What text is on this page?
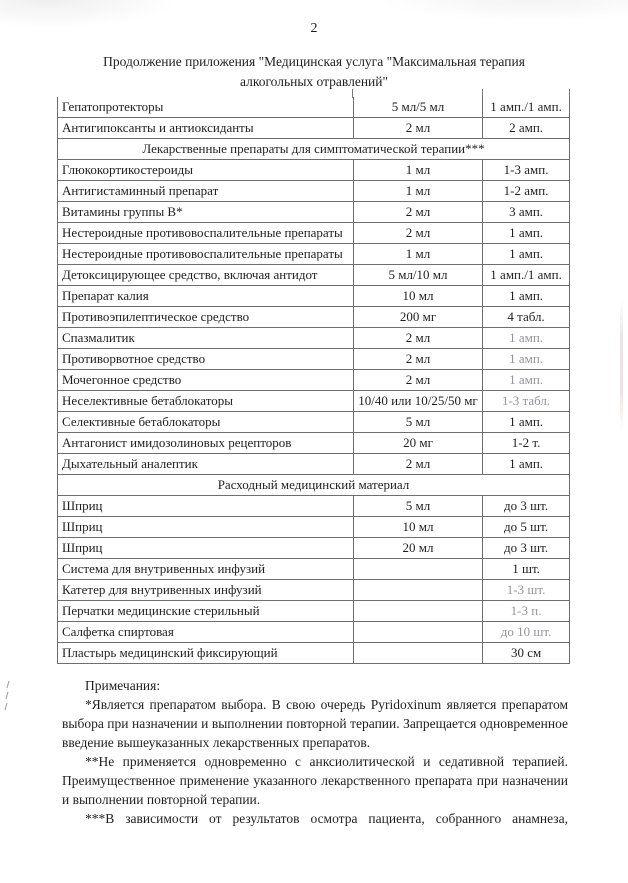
2
Продолжение приложения "Медицинская услуга "Максимальная терапия алкогольных отравлений"
Гепатопротекторы	5 мл/5 мл	1 амп./1 амп.
Антигипоксанты и антиоксиданты	2 мл	2 амп.
Лекарственные препараты для симптоматической терапии***		
Глюкокортикостероиды	1 мл	1-3 амп.
Антигистаминный препарат	1 мл	1-2 амп.
Витамины группы В*	2 мл	3 амп.
Нестероидные противовоспалительные препараты	2 мл	1 амп.
Нестероидные противовоспалительные препараты	1 мл	1 амп.
Детоксицирующее средство, включая антидот	5 мл/10 мл	1 амп./1 амп.
Препарат калия	10 мл	1 амп.
Противоэпилептическое средство	200 мг	4 табл.
Спазмалитик	2 мл	1 амп.
Противорвотное средство	2 мл	1 амп.
Мочегонное средство	2 мл	1 амп.
Неселективные бетаблокаторы	10/40 или 10/25/50 мг	1-3 табл.
Селективные бетаблокаторы	5 мл	1 амп.
Антагонист имидозолиновых рецепторов	20 мг	1-2 т.
Дыхательный аналептик	2 мл	1 амп.
Расходный медицинский материал		
Шприц	5 мл	до 3 шт.
Шприц	10 мл	до 5 шт.
Шприц	20 мл	до 3 шт.
Система для внутривенных инфузий		1 шт.
Катетер для внутривенных инфузий		1-3 шт.
Перчатки медицинские стерильный		1-3 п.
Салфетка спиртовая		до 10 шт.
Пластырь медицинский фиксирующий		30 см

Примечания:

*Является препаратом выбора. В свою очередь Pyridoxinum является препаратом выбора при назначении и выполнении повторной терапии. Запрещается одновременное введение вышеуказанных лекарственных препаратов.

**Не применяется одновременно с анксиолитической и седативной терапией. Преимущественное применение указанного лекарственного препарата при назначении и выполнении повторной терапии.

***В зависимости от результатов осмотра пациента, собранного анамнеза,
